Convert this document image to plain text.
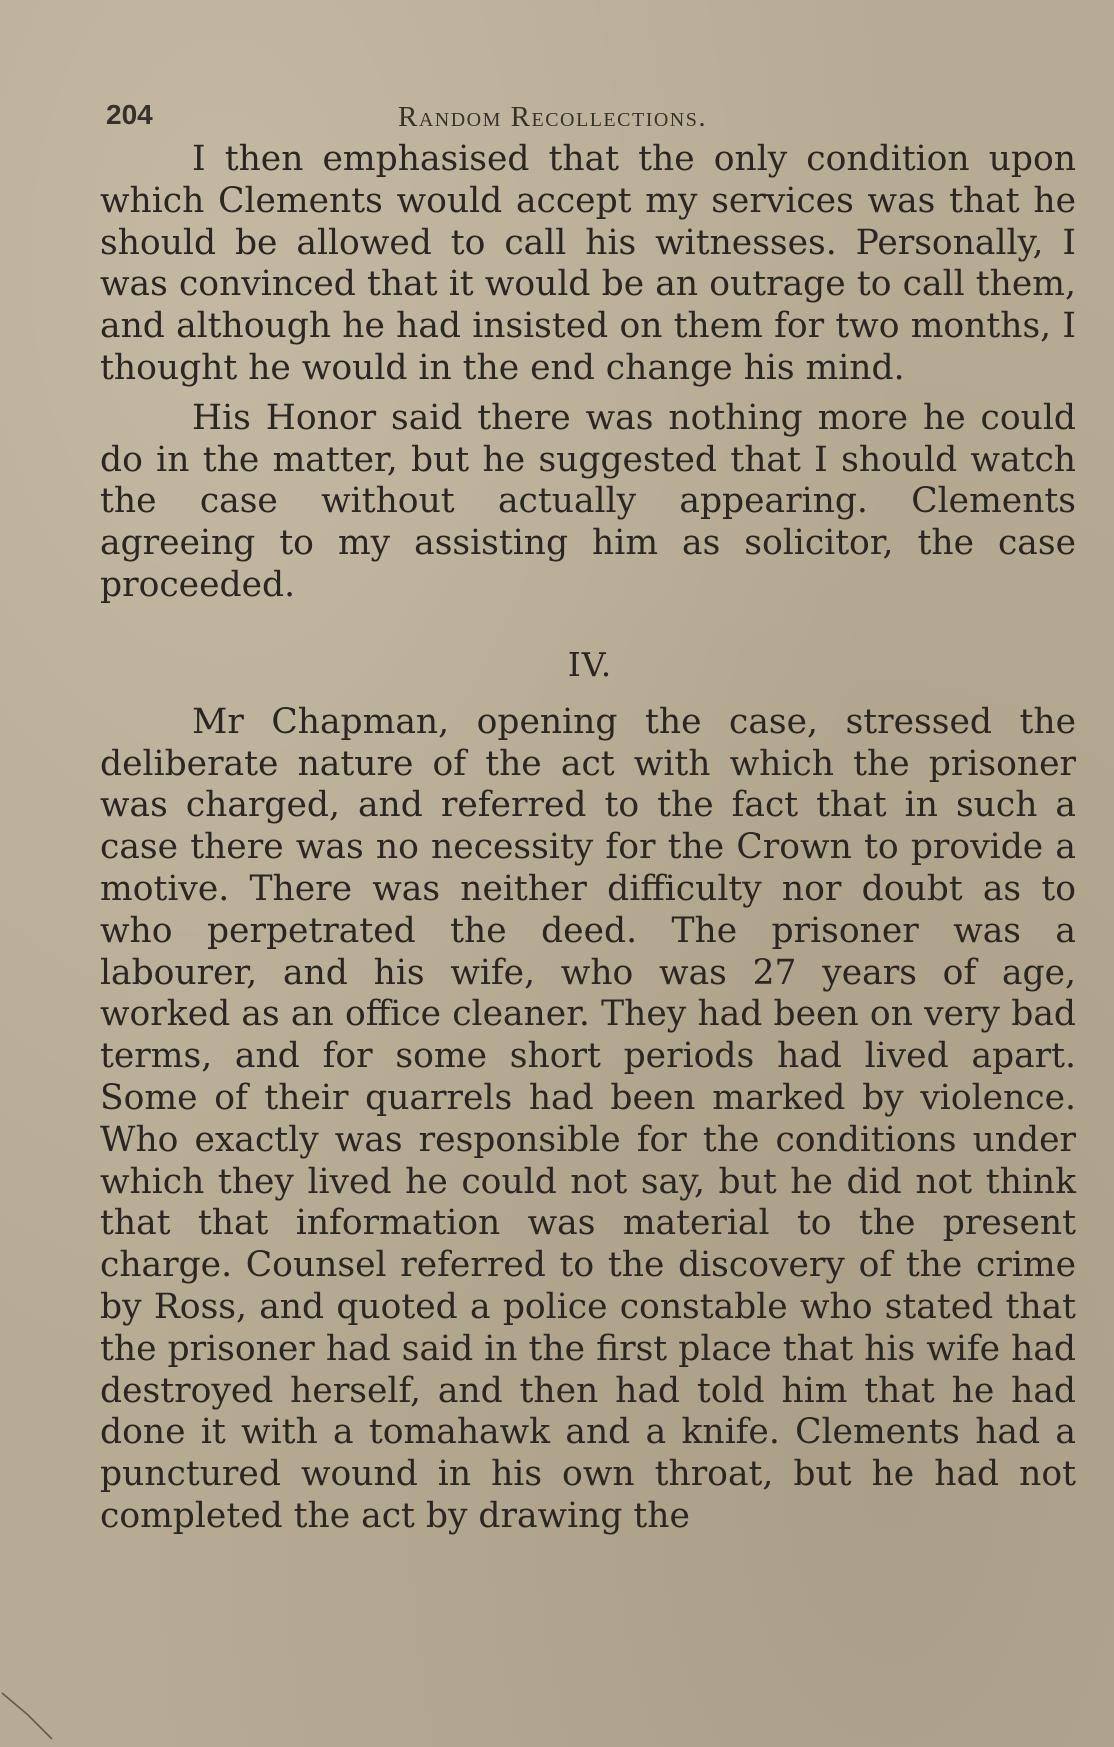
204	Random Recollections.

I then emphasised that the only condition upon which Clements would accept my services was that he should be allowed to call his witnesses. Personally, I was convinced that it would be an outrage to call them, and although he had insisted on them for two months, I thought he would in the end change his mind.

His Honor said there was nothing more he could do in the matter, but he suggested that I should watch the case without actually appearing. Clements agreeing to my assisting him as solicitor, the case proceeded.

IV.

Mr Chapman, opening the case, stressed the deliberate nature of the act with which the prisoner was charged, and referred to the fact that in such a case there was no necessity for the Crown to provide a motive. There was neither difficulty nor doubt as to who perpetrated the deed. The prisoner was a labourer, and his wife, who was 27 years of age, worked as an office cleaner. They had been on very bad terms, and for some short periods had lived apart. Some of their quarrels had been marked by violence. Who exactly was responsible for the conditions under which they lived he could not say, but he did not think that that information was material to the present charge. Counsel referred to the discovery of the crime by Ross, and quoted a police constable who stated that the prisoner had said in the first place that his wife had destroyed herself, and then had told him that he had done it with a tomahawk and a knife. Clements had a punctured wound in his own throat, but he had not completed the act by drawing the
